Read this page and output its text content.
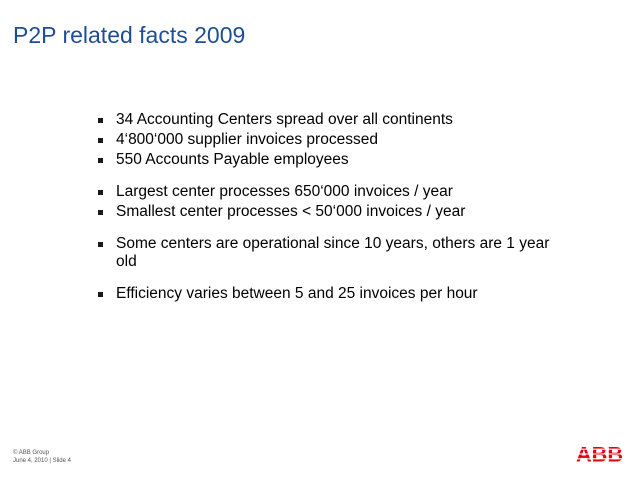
P2P related facts 2009
34 Accounting Centers spread over all continents
4‘800‘000 supplier invoices processed
550 Accounts Payable employees
Largest center processes 650‘000 invoices / year
Smallest center processes < 50‘000 invoices / year
Some centers are operational since 10 years, others are 1 year old
Efficiency varies between 5 and 25 invoices per hour
© ABB Group
June 4, 2010 | Slide 4	ABB
